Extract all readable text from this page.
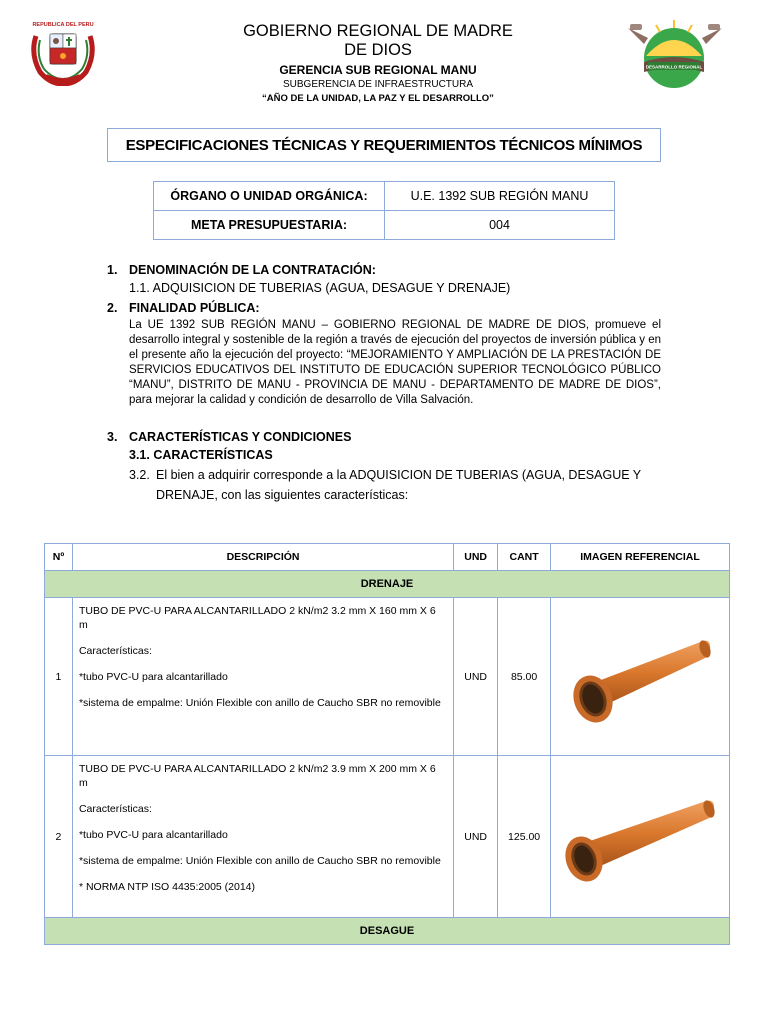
REPUBLICA DEL PERU	GOBIERNO REGIONAL DE MADRE
DE DIOS
GERENCIA SUB REGIONAL MANU
SUBGERENCIA DE INFRAESTRUCTURA
“AÑO DE LA UNIDAD, LA PAZ Y EL DESARROLLO”
DESARROLLO REGIONAL
ESPECIFICACIONES TÉCNICAS Y REQUERIMIENTOS TÉCNICOS MÍNIMOS
ÓRGANO O UNIDAD ORGÁNICA:	U.E. 1392 SUB REGIÓN MANU
META PRESUPUESTARIA:	004
1. DENOMINACIÓN DE LA CONTRATACIÓN:
1.1. ADQUISICION DE TUBERIAS (AGUA, DESAGUE Y DRENAJE)
2. FINALIDAD PÚBLICA:
La UE 1392 SUB REGIÓN MANU – GOBIERNO REGIONAL DE MADRE DE DIOS, promueve el desarrollo integral y sostenible de la región a través de ejecución del proyectos de inversión pública y en el presente año la ejecución del proyecto: “MEJORAMIENTO Y AMPLIACIÓN DE LA PRESTACIÓN DE SERVICIOS EDUCATIVOS DEL INSTITUTO DE EDUCACIÓN SUPERIOR TECNOLÓGICO PÚBLICO “MANU”, DISTRITO DE MANU - PROVINCIA DE MANU - DEPARTAMENTO DE MADRE DE DIOS”, para mejorar la calidad y condición de desarrollo de Villa Salvación.
3. CARACTERÍSTICAS Y CONDICIONES
3.1. CARACTERÍSTICAS
3.2. El bien a adquirir corresponde a la ADQUISICION DE TUBERIAS (AGUA, DESAGUE Y
DRENAJE, con las siguientes características:
Nº	DESCRIPCIÓN	UND	CANT	IMAGEN REFERENCIAL
DRENAJE				
1	TUBO DE PVC-U PARA ALCANTARILLADO 2 kN/m2 3.2 mm X 160 mm X 6 m
Características:
*tubo PVC-U para alcantarillado
*sistema de empalme: Unión Flexible con anillo de Caucho SBR no removible	UND	85.00	
2	TUBO DE PVC-U PARA ALCANTARILLADO 2 kN/m2 3.9 mm X 200 mm X 6 m
Características:
*tubo PVC-U para alcantarillado
*sistema de empalme: Unión Flexible con anillo de Caucho SBR no removible
* NORMA NTP ISO 4435:2005 (2014)	UND	125.00	
DESAGUE				
